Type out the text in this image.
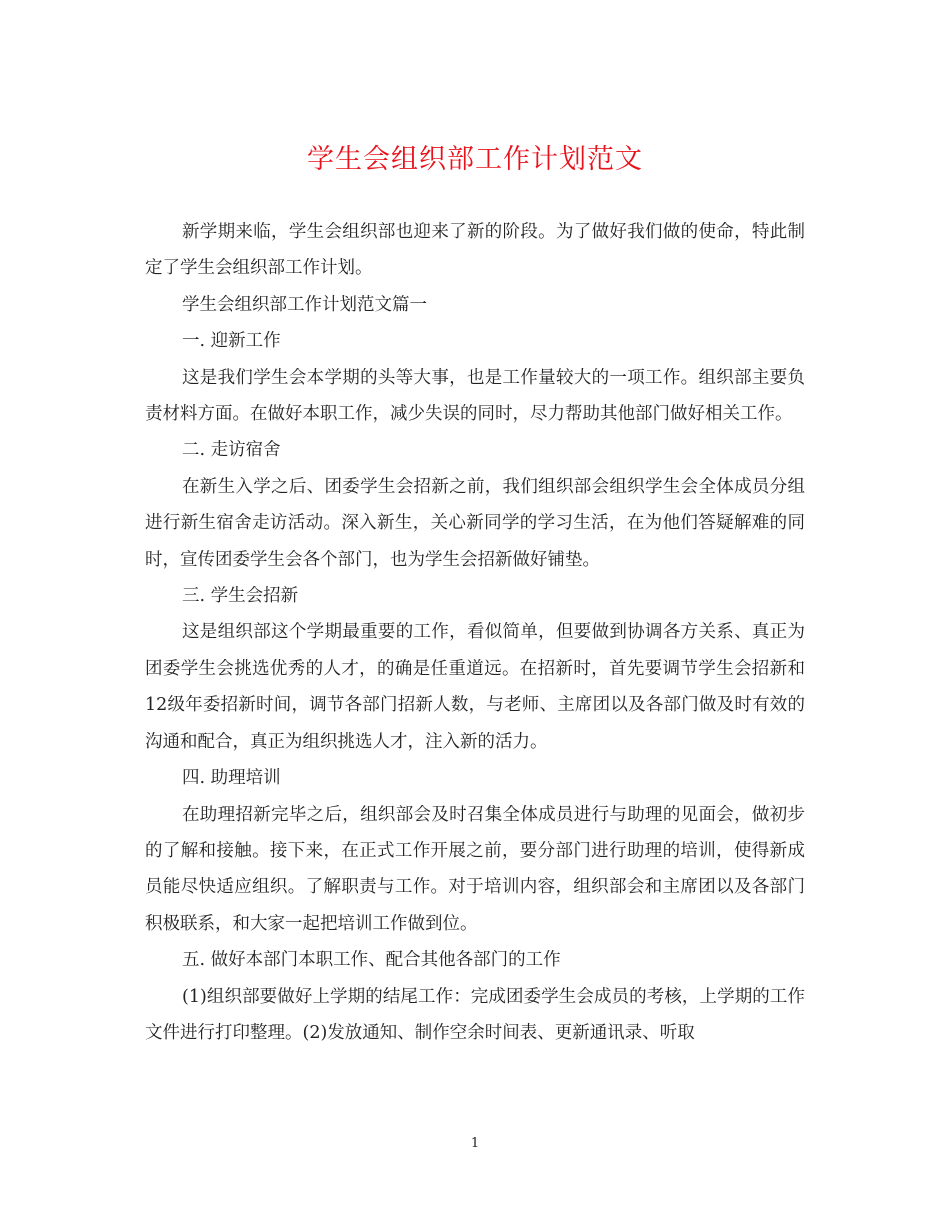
学生会组织部工作计划范文

新学期来临，学生会组织部也迎来了新的阶段。为了做好我们做的使命，特此制定了学生会组织部工作计划。

学生会组织部工作计划范文篇一

一. 迎新工作

这是我们学生会本学期的头等大事，也是工作量较大的一项工作。组织部主要负责材料方面。在做好本职工作，减少失误的同时，尽力帮助其他部门做好相关工作。

二. 走访宿舍

在新生入学之后、团委学生会招新之前，我们组织部会组织学生会全体成员分组进行新生宿舍走访活动。深入新生，关心新同学的学习生活，在为他们答疑解难的同时，宣传团委学生会各个部门，也为学生会招新做好铺垫。

三. 学生会招新

这是组织部这个学期最重要的工作，看似简单，但要做到协调各方关系、真正为团委学生会挑选优秀的人才，的确是任重道远。在招新时，首先要调节学生会招新和12级年委招新时间，调节各部门招新人数，与老师、主席团以及各部门做及时有效的沟通和配合，真正为组织挑选人才，注入新的活力。

四. 助理培训

在助理招新完毕之后，组织部会及时召集全体成员进行与助理的见面会，做初步的了解和接触。接下来，在正式工作开展之前，要分部门进行助理的培训，使得新成员能尽快适应组织。了解职责与工作。对于培训内容，组织部会和主席团以及各部门积极联系，和大家一起把培训工作做到位。

五. 做好本部门本职工作、配合其他各部门的工作

(1)组织部要做好上学期的结尾工作：完成团委学生会成员的考核，上学期的工作文件进行打印整理。(2)发放通知、制作空余时间表、更新通讯录、听取

1
